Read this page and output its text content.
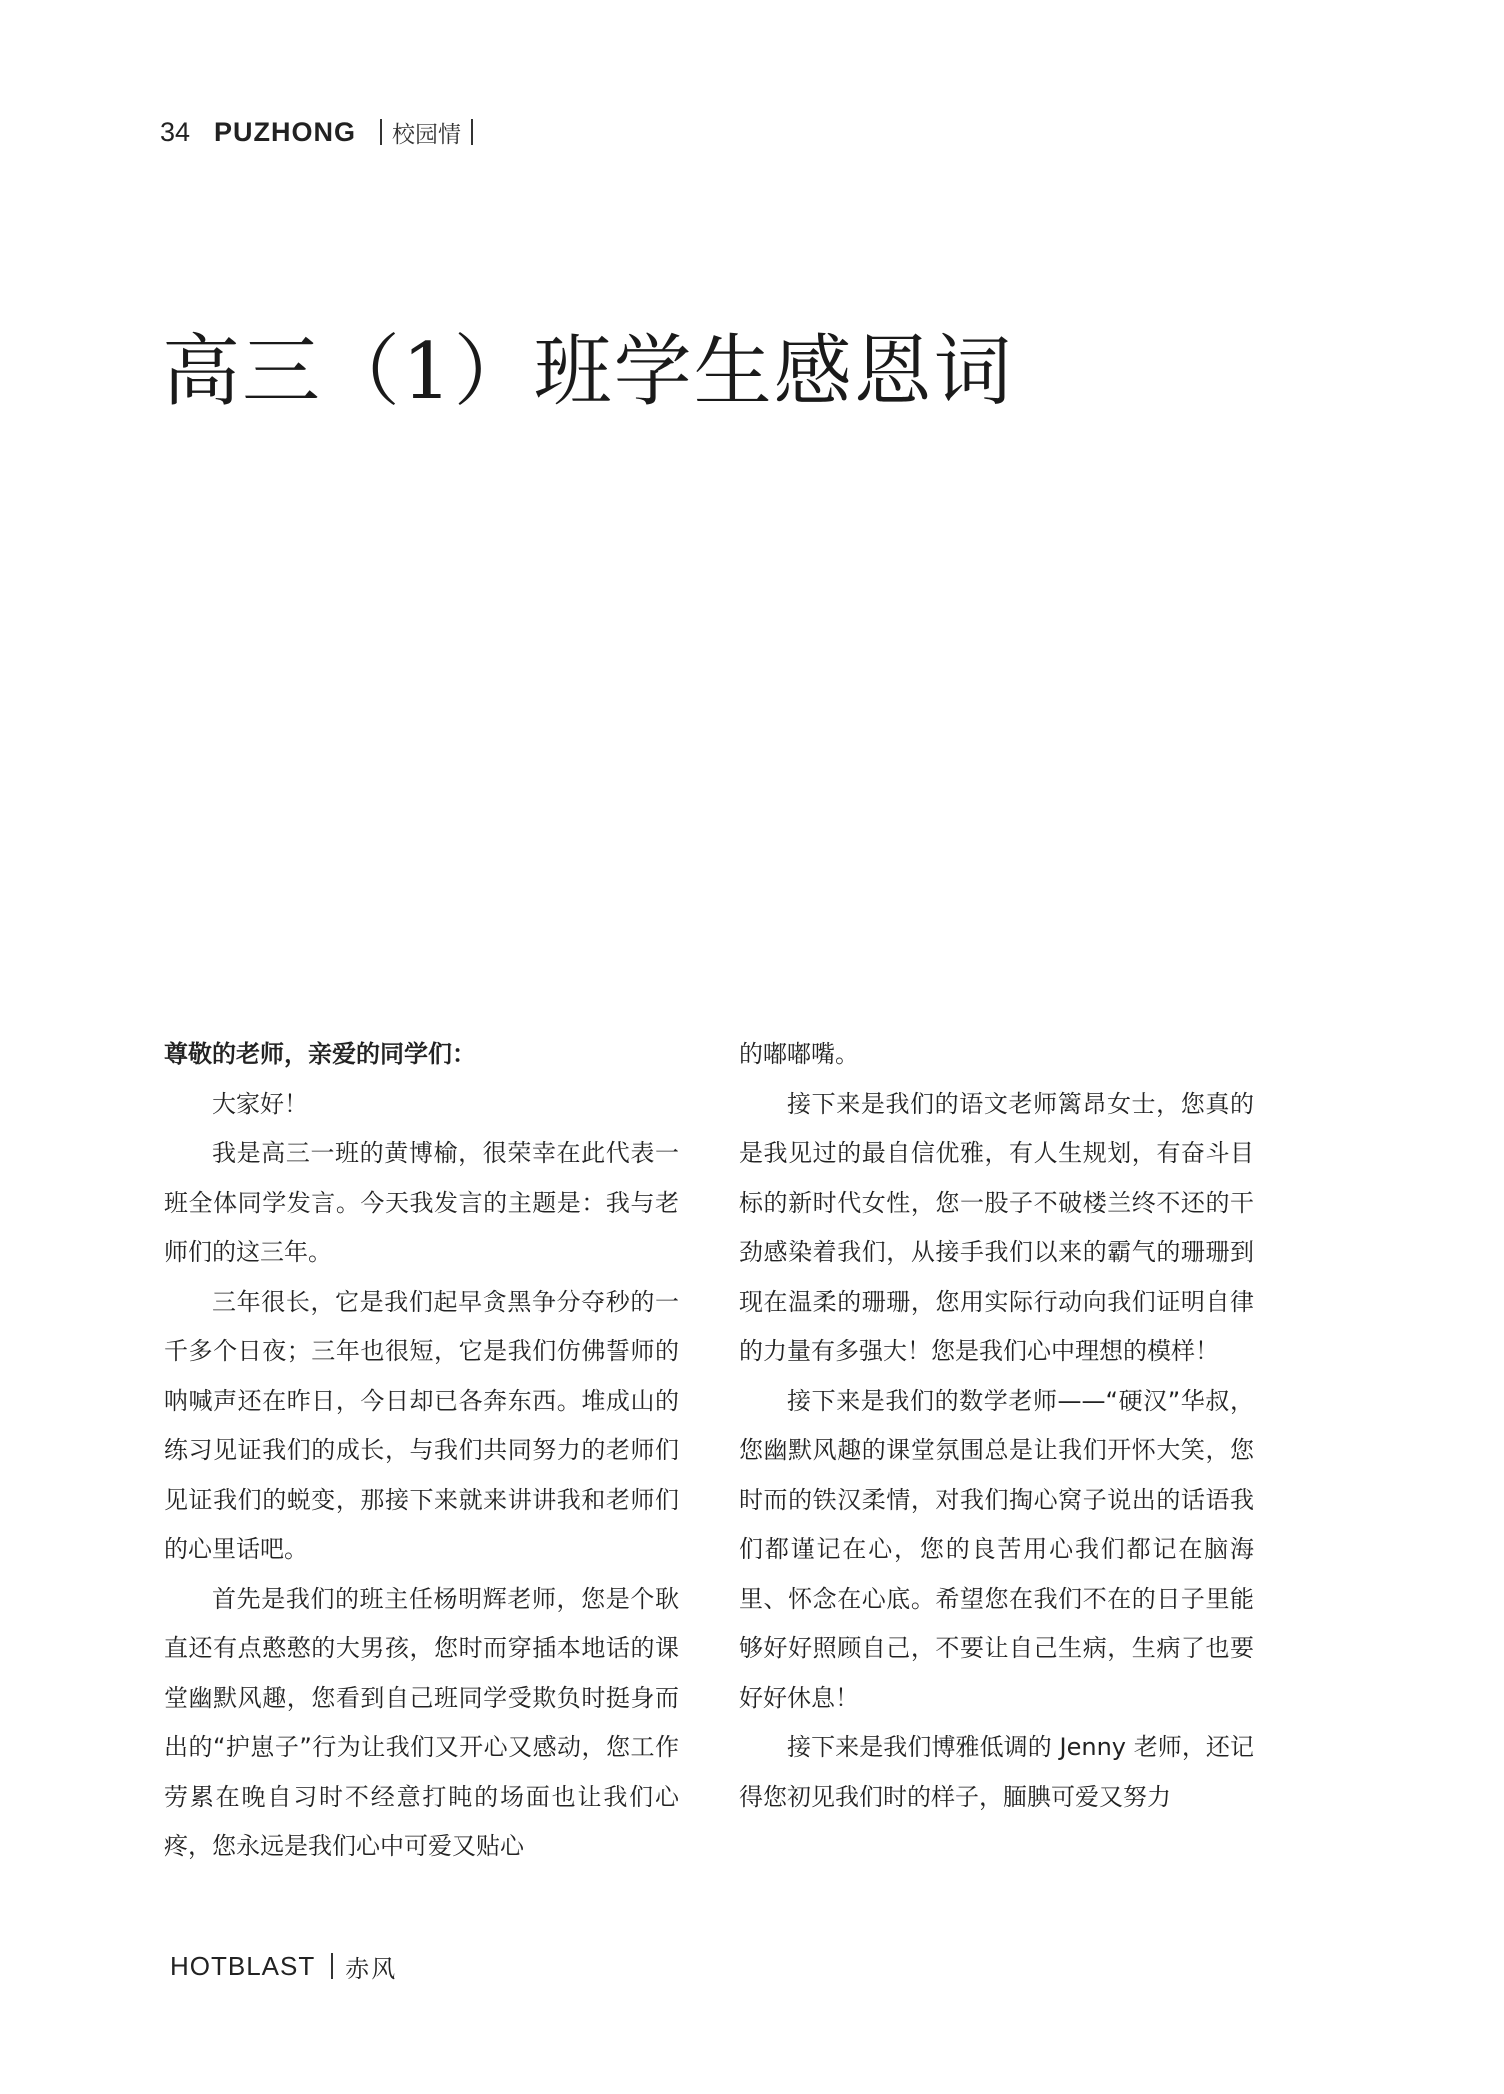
34 PUZHONG 校园情
高三（1）班学生感恩词

尊敬的老师，亲爱的同学们：

大家好！

我是高三一班的黄博榆，很荣幸在此代表一班全体同学发言。今天我发言的主题是：我与老师们的这三年。

三年很长，它是我们起早贪黑争分夺秒的一千多个日夜；三年也很短，它是我们仿佛誓师的呐喊声还在昨日，今日却已各奔东西。堆成山的练习见证我们的成长，与我们共同努力的老师们见证我们的蜕变，那接下来就来讲讲我和老师们的心里话吧。

首先是我们的班主任杨明辉老师，您是个耿直还有点憨憨的大男孩，您时而穿插本地话的课堂幽默风趣，您看到自己班同学受欺负时挺身而出的“护崽子”行为让我们又开心又感动，您工作劳累在晚自习时不经意打盹的场面也让我们心疼，您永远是我们心中可爱又贴心

的嘟嘟嘴。

接下来是我们的语文老师篱昂女士，您真的是我见过的最自信优雅，有人生规划，有奋斗目标的新时代女性，您一股子不破楼兰终不还的干劲感染着我们，从接手我们以来的霸气的珊珊到现在温柔的珊珊，您用实际行动向我们证明自律的力量有多强大！您是我们心中理想的模样！

接下来是我们的数学老师——“硬汉”华叔，您幽默风趣的课堂氛围总是让我们开怀大笑，您时而的铁汉柔情，对我们掏心窝子说出的话语我们都谨记在心，您的良苦用心我们都记在脑海里、怀念在心底。希望您在我们不在的日子里能够好好照顾自己，不要让自己生病，生病了也要好好休息！

接下来是我们博雅低调的 Jenny 老师，还记得您初见我们时的样子，腼腆可爱又努力

HOTBLAST 赤风
